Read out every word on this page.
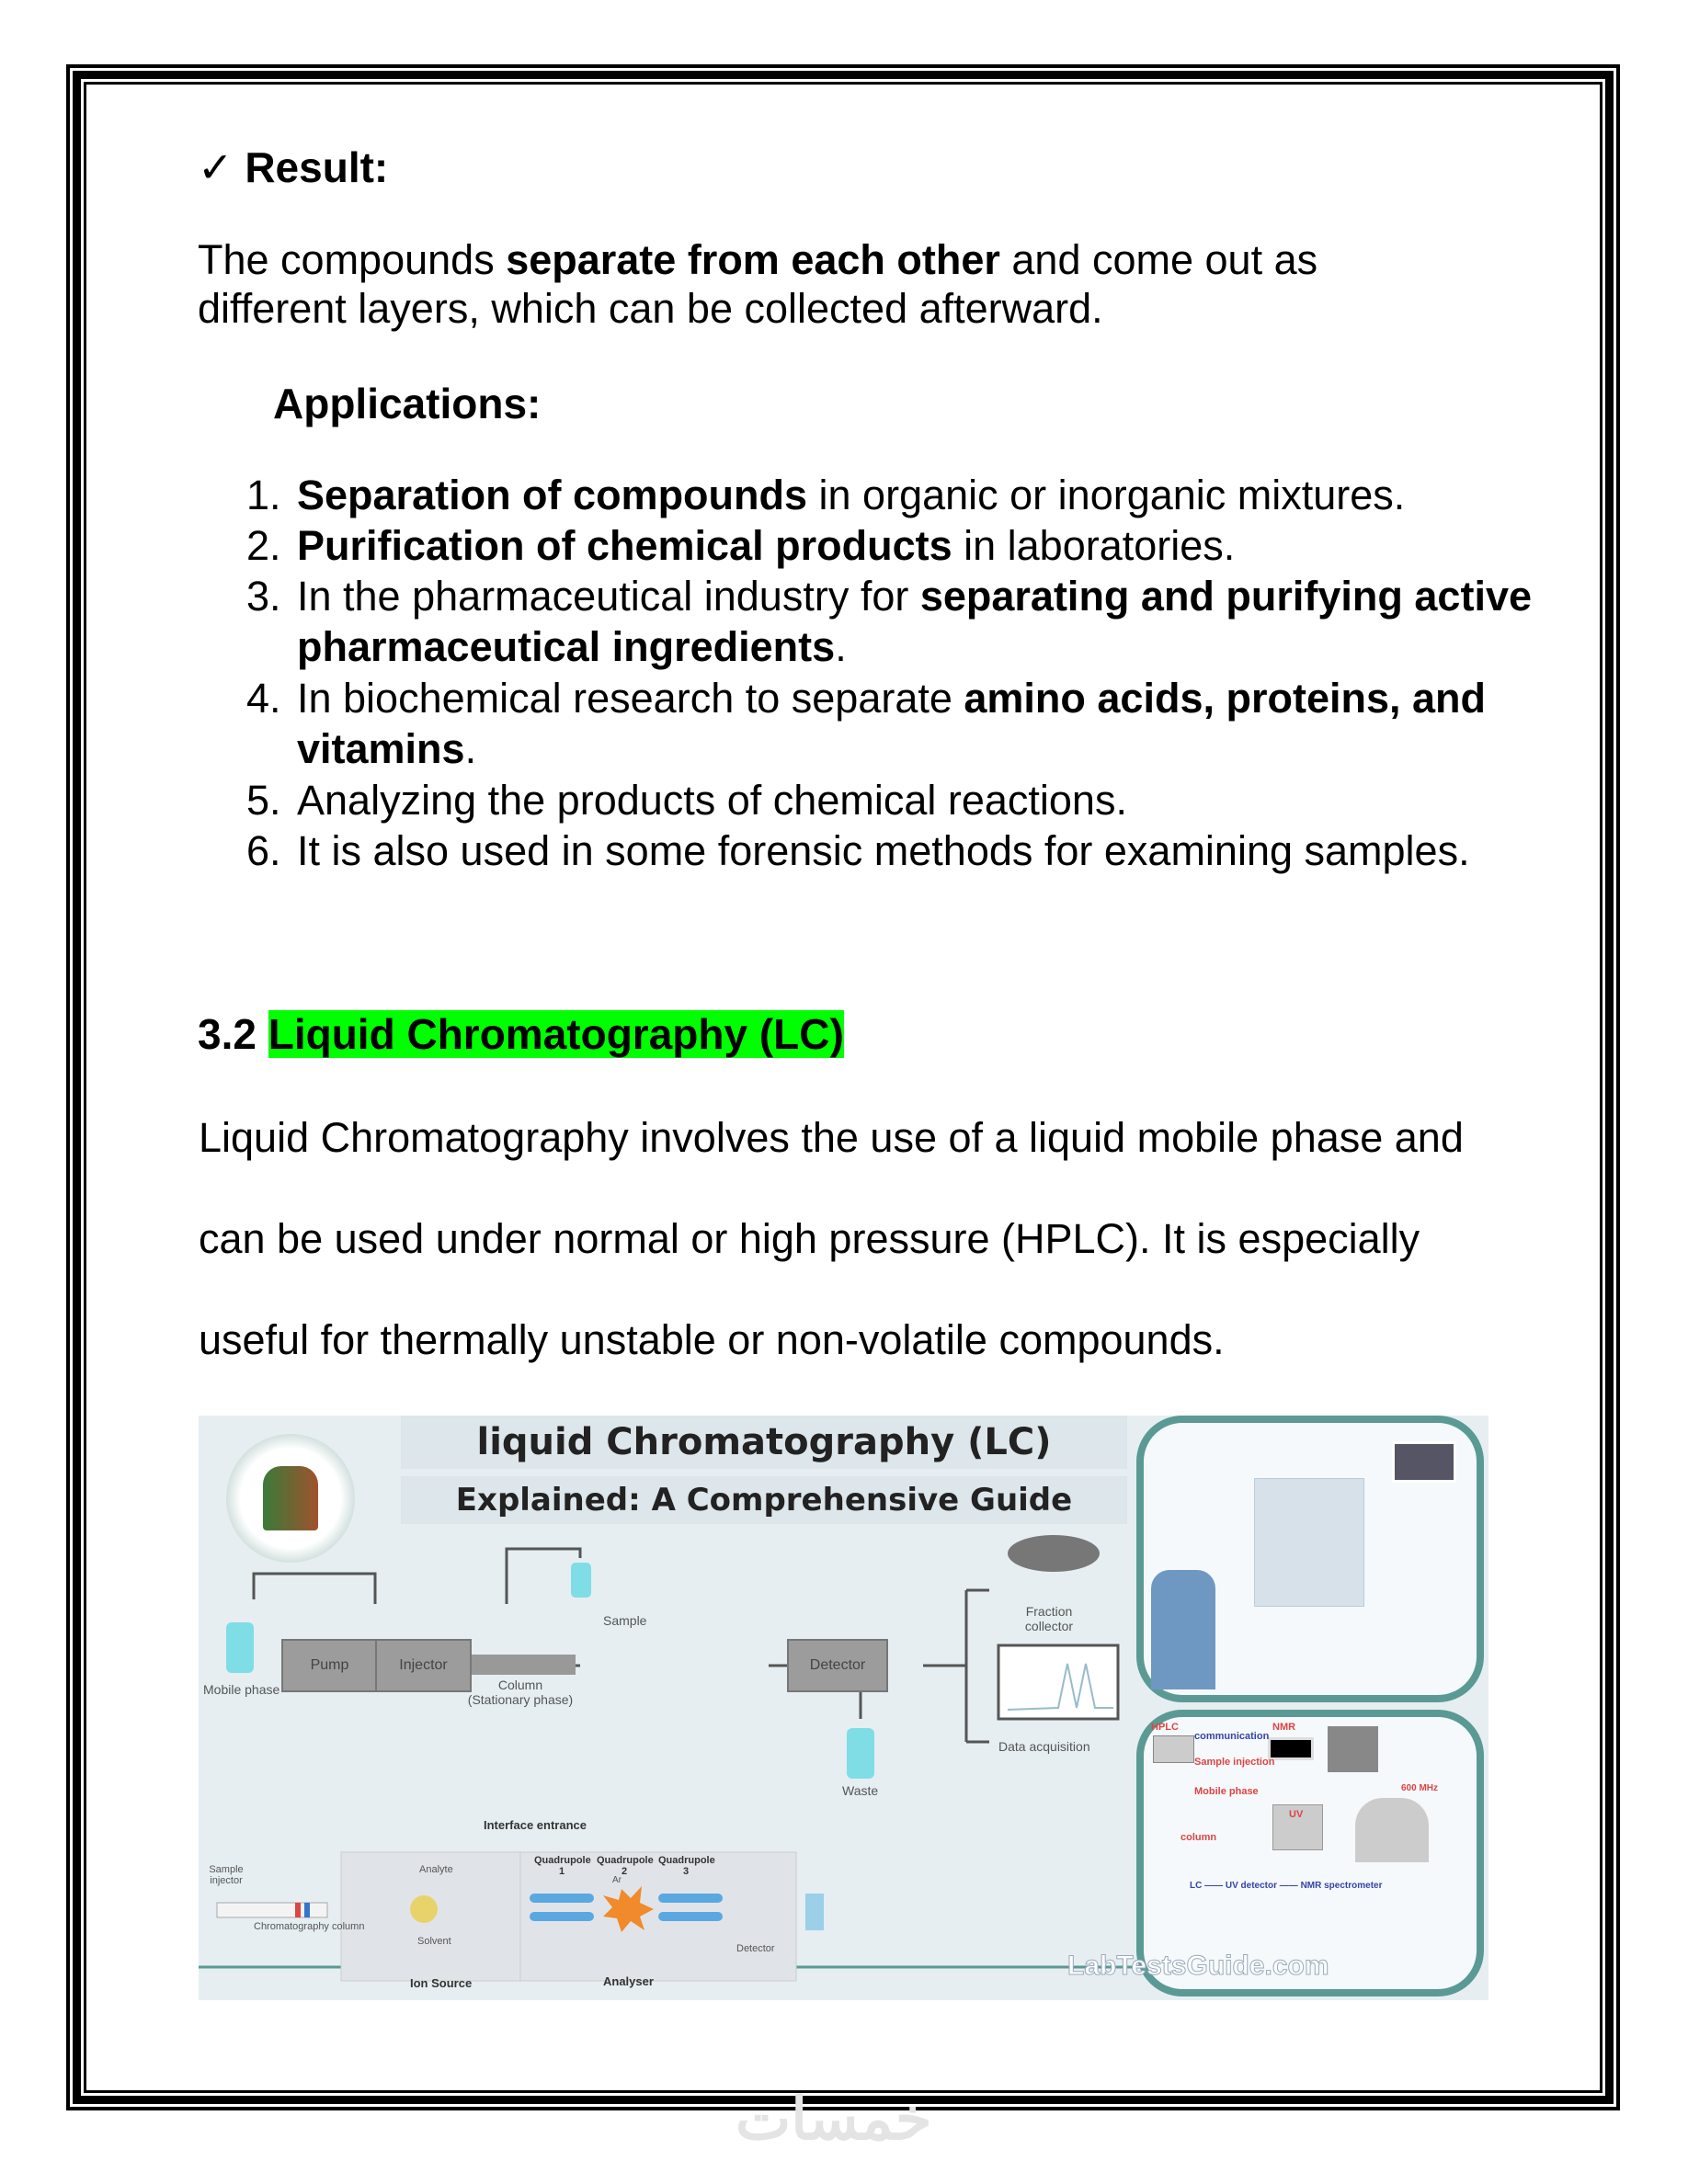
✓ Result:
The compounds separate from each other and come out as
different layers, which can be collected afterward.
Applications:
1. Separation of compounds in organic or inorganic mixtures.
2. Purification of chemical products in laboratories.
3. In the pharmaceutical industry for separating and purifying active pharmaceutical ingredients.
4. In biochemical research to separate amino acids, proteins, and vitamins.
5. Analyzing the products of chemical reactions.
6. It is also used in some forensic methods for examining samples.
3.2 Liquid Chromatography (LC)
Liquid Chromatography involves the use of a liquid mobile phase and
can be used under normal or high pressure (HPLC). It is especially
useful for thermally unstable or non-volatile compounds.
liquid Chromatography (LC)
Explained: A Comprehensive Guide
Pump	Injector	Detector
Mobile phase
Sample
Column
(Stationary phase)
Waste
Fraction collector
Data acquisition
Interface entrance
Sample injector
Chromatography column
Analyte
Solvent
Quadrupole 1
Quadrupole 2
Quadrupole 3
Ar
Detector
Ion Source	Analyser
HPLC
communication
NMR
Sample injection
Mobile phase	600 MHz
column
UV
LC —— UV detector —— NMR spectrometer
LabTestsGuide.com
خمسات
